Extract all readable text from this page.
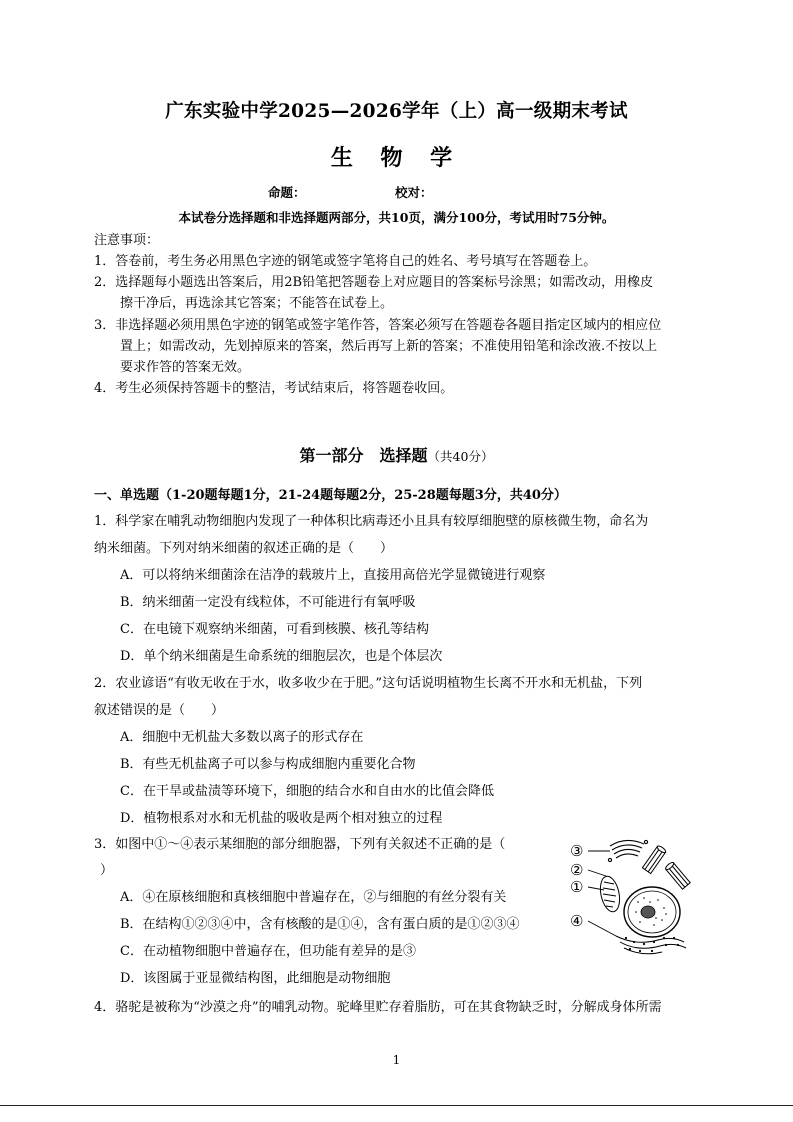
广东实验中学2025—2026学年（上）高一级期末考试
生 物 学
命题：	校对：
本试卷分选择题和非选择题两部分，共10页，满分100分，考试用时75分钟。
注意事项：
1．答卷前，考生务必用黑色字迹的钢笔或签字笔将自己的姓名、考号填写在答题卷上。
2．选择题每小题选出答案后，用2B铅笔把答题卷上对应题目的答案标号涂黑；如需改动，用橡皮
擦干净后，再选涂其它答案；不能答在试卷上。
3．非选择题必须用黑色字迹的钢笔或签字笔作答，答案必须写在答题卷各题目指定区域内的相应位
置上；如需改动，先划掉原来的答案，然后再写上新的答案；不准使用铅笔和涂改液.不按以上
要求作答的答案无效。
4．考生必须保持答题卡的整洁，考试结束后，将答题卷收回。
第一部分　选择题（共40分）
一、单选题（1-20题每题1分，21-24题每题2分，25-28题每题3分，共40分）
1．科学家在哺乳动物细胞内发现了一种体积比病毒还小且具有较厚细胞壁的原核微生物，命名为
纳米细菌。下列对纳米细菌的叙述正确的是（　　）
A．可以将纳米细菌涂在洁净的载玻片上，直接用高倍光学显微镜进行观察
B．纳米细菌一定没有线粒体，不可能进行有氧呼吸
C．在电镜下观察纳米细菌，可看到核膜、核孔等结构
D．单个纳米细菌是生命系统的细胞层次，也是个体层次
2．农业谚语“有收无收在于水，收多收少在于肥。”这句话说明植物生长离不开水和无机盐，下列
叙述错误的是（　　）
A．细胞中无机盐大多数以离子的形式存在
B．有些无机盐离子可以参与构成细胞内重要化合物
C．在干旱或盐渍等环境下，细胞的结合水和自由水的比值会降低
D．植物根系对水和无机盐的吸收是两个相对独立的过程
3．如图中①～④表示某细胞的部分细胞器，下列有关叙述不正确的是（
）
A．④在原核细胞和真核细胞中普遍存在，②与细胞的有丝分裂有关
B．在结构①②③④中，含有核酸的是①④，含有蛋白质的是①②③④
C．在动植物细胞中普遍存在，但功能有差异的是③
D．该图属于亚显微结构图，此细胞是动物细胞
③
②
①
④
4．骆驼是被称为“沙漠之舟”的哺乳动物。驼峰里贮存着脂肪，可在其食物缺乏时，分解成身体所需
1
